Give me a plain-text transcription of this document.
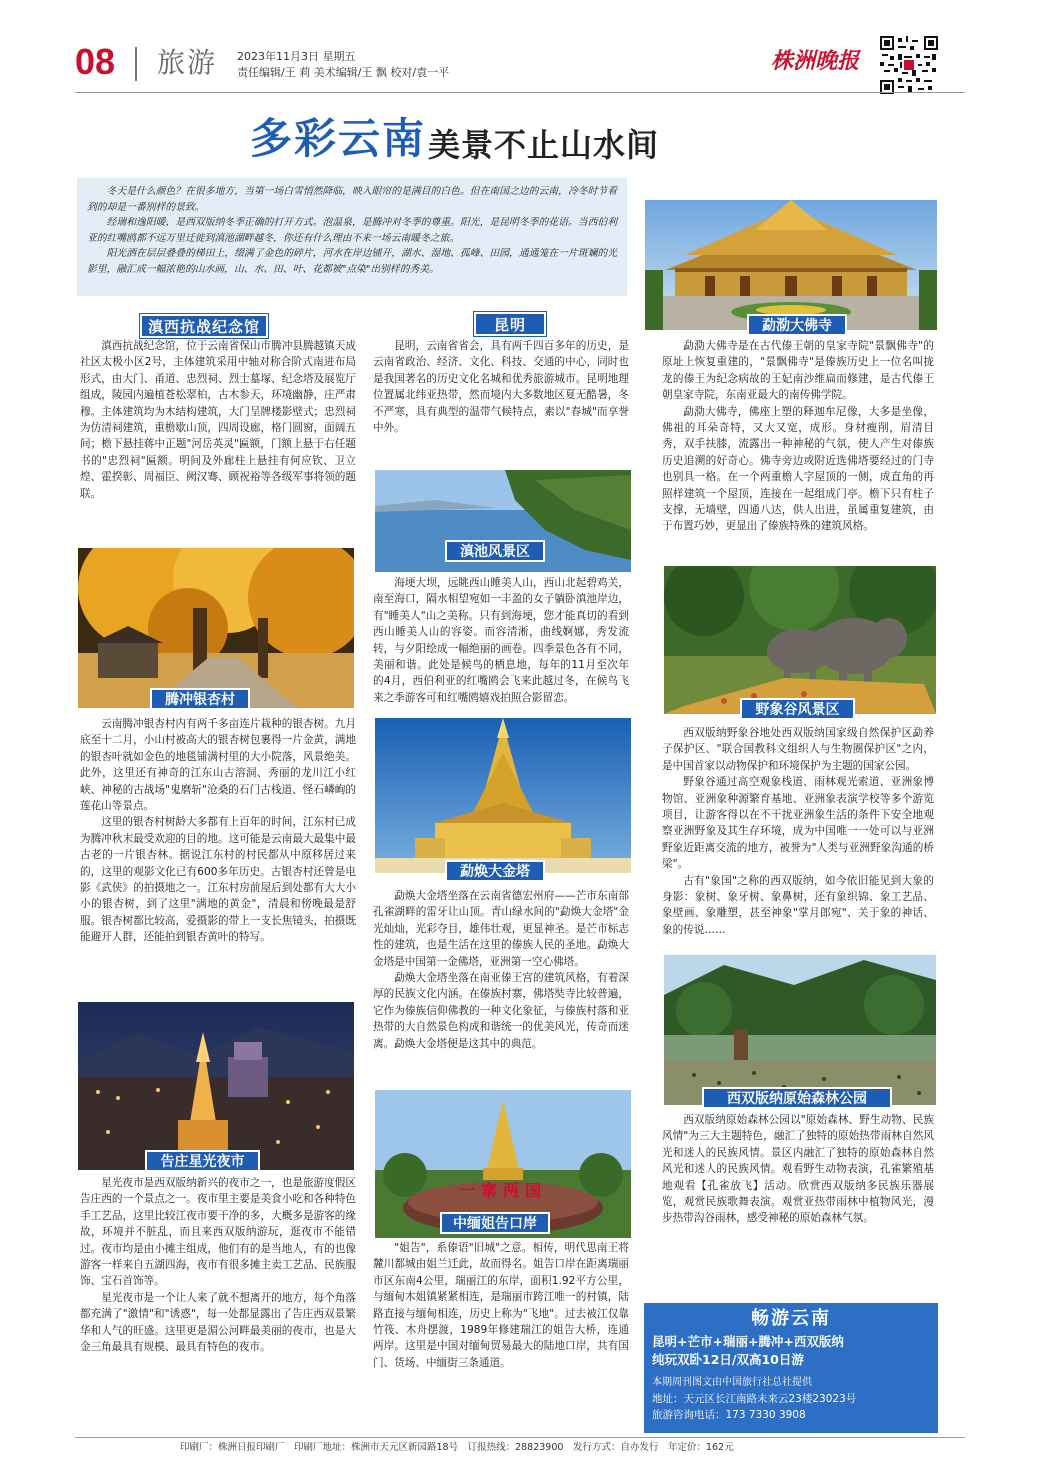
08 旅游 2023年11月3日 星期五
责任编辑/王 莉 美术编辑/王 飘 校对/袁一平	株洲晚报
多彩云南美景不止山水间

冬天是什么颜色？在很多地方，当第一场白雪悄然降临，映入眼帘的是满目的白色。但在南国之边的云南，冷冬时节看到的却是一番别样的景致。

经瑞和逸阳暖，是西双版纳冬季正确的打开方式。泡温泉，是腾冲对冬季的尊重。阳光，是昆明冬季的花语。当西伯利亚的红嘴鸥都不远万里迁徙到滇池湖畔越冬，你还有什么理由不来一场云南暖冬之旅。

阳光洒在层层叠叠的梯田上，缀满了金色的碎片，河水在岸边铺开，湖水、湿地、孤峰、田园，通通笼在一片斑斓的光影里，融汇成一幅浓艳的山水画，山、水、田、叶、花都被"点染"出别样的秀美。

勐泐大佛寺
滇西抗战纪念馆

滇西抗战纪念馆，位于云南省保山市腾冲县腾越镇天成社区太极小区2号，主体建筑采用中轴对称合阶式南进布局形式，由大门、甬道、忠烈祠、烈士墓塚、纪念塔及展览厅组成，陵园内遍植苍松翠柏，古木参天，环境幽静，庄严肃穆。主体建筑均为木结构建筑，大门呈牌楼影壁式；忠烈祠为仿清祠建筑，重檐歇山顶，四周设廊，格门圆窗，面阔五间；檐下悬挂蒋中正题"河岳英灵"匾额，门额上悬于右任题书的"忠烈祠"匾额。明间及外廊柱上悬挂有何应钦、卫立煌、霍揆彰、周福臣、阙汉骞、顾祝裕等各级军事将领的题联。

腾冲银杏村

云南腾冲银杏村内有两千多亩连片栽种的银杏树。九月底至十二月，小山村被高大的银杏树包裹得一片金黄，满地的银杏叶就如金色的地毯铺满村里的大小院落，风景绝美。此外，这里还有神奇的江东山古溶洞、秀丽的龙川江小红峡、神秘的古战场"鬼磨斩"沧桑的石门古栈道、怪石嶙峋的莲花山等景点。

这里的银杏村树龄大多都有上百年的时间，江东村已成为腾冲秋末最受欢迎的目的地。这可能是云南最大最集中最古老的一片银杏林。据说江东村的村民都从中原移居过来的，这里的观影文化已有600多年历史。古银杏村还曾是电影《武侠》的拍摄地之一。江东村房前屋后到处都有大大小小的银杏树，到了这里"满地的黄金"，清晨和傍晚最是舒服。银杏树都比较高，爱摄影的带上一支长焦镜头，拍摄既能避开人群，还能拍到银杏黄叶的特写。

告庄星光夜市

星光夜市是西双版纳新兴的夜市之一，也是旅游度假区告庄西的一个景点之一。夜市里主要是美食小吃和各种特色手工艺品，这里比较江夜市要干净的多，大概多是游客的缘故，环境并不脏乱，而且来西双版纳游玩，逛夜市不能错过。夜市均是由小摊主组成，他们有的是当地人，有的也像游客一样来自五湖四海，夜市有很多摊主卖工艺品、民族服饰、宝石首饰等。

星光夜市是一个让人来了就不想离开的地方，每个角落都充满了"激情"和"诱惑"，每一处都显露出了告庄西双景繁华和人气的旺盛。这里更是湄公河畔最美丽的夜市，也是大金三角最具有规模、最具有特色的夜市。

昆明

昆明，云南省省会，具有两千四百多年的历史，是云南省政治、经济、文化、科技、交通的中心，同时也是我国著名的历史文化名城和优秀旅游城市。昆明地理位置属北纬亚热带，然而境内大多数地区夏无酷暑，冬不严寒，具有典型的温带气候特点，素以"春城"而享誉中外。

滇池风景区

海埂大坝，远眺西山睡美人山，西山北起碧鸡关，南至海口，隔水相望宛如一丰盈的女子躺卧滇池岸边，有"睡美人"山之美称。只有到海埂，您才能真切的看到西山睡美人山的容姿。而容清淅，曲线婀娜，秀发流转，与夕阳绘成一幅绝丽的画卷。四季景色各有不同，美丽和谐。此处是候鸟的栖息地，每年的11月至次年的4月，西伯利亚的红嘴鸥会飞来此越过冬，在候鸟飞来之季游客可和红嘴鸥嬉戏拍照合影留恋。

勐焕大金塔

勐焕大金塔坐落在云南省德宏州府——芒市东南部孔雀湖畔的雷牙让山顶。青山绿水间的"勐焕大金塔"金光灿灿，光彩夺目，雄伟壮观，更显神圣。是芒市标志性的建筑，也是生活在这里的傣族人民的圣地。勐焕大金塔是中国第一金佛塔，亚洲第一空心佛塔。

勐焕大金塔坐落在南亚傣王宫的建筑风格，有着深厚的民族文化内涵。在傣族村寨，佛塔奘寺比较普遍，它作为傣族信仰佛教的一种文化象征，与傣族村落和亚热带的大自然景色构成和谐统一的优美风光，传奇而迷离。勐焕大金塔便是这其中的典范。

一寨两国
中缅姐告口岸

"姐告"，系傣语"旧城"之意。相传，明代思南王将麓川都城由姐兰迁此，故而得名。姐告口岸在距离瑞丽市区东南4公里，瑞丽江的东岸，面积1.92平方公里，与缅甸木姐镇紧紧相连，是瑞丽市跨江唯一的村镇，陆路直接与缅甸相连，历史上称为"飞地"。过去被江仅靠竹筏、木舟摆渡，1989年修建瑞江的姐告大桥，连通两岸。这里是中国对缅甸贸易最大的陆地口岸，共有国门、货场、中缅街三条通道。

勐泐大佛寺是在古代傣王朝的皇家寺院"景飘佛寺"的原址上恢复重建的，"景飘佛寺"是傣族历史上一位名叫拢龙的傣王为纪念病故的王妃南沙维扁而修建，是古代傣王朝皇家寺院，东南亚最大的南传佛学院。

勐泐大佛寺，佛座上塑的释迦牟尼像，大多是坐像，佛祖的耳朵奇特，又大又宽，成形。身材瘦削，眉清目秀，双手扶膝，流露出一种神秘的气氛，使人产生对傣族历史追溯的好奇心。佛寺旁边或附近选佛塔要经过的门寺也别具一格。在一个两重檐人字屋顶的一侧，成直角的再照样建筑一个屋顶，连接在一起组成门亭。檐下只有柱子支撑，无墙壁，四通八达，供人出进，虽属重复建筑，由于布置巧妙，更显出了傣族特殊的建筑风格。

野象谷风景区

西双版纳野象谷地处西双版纳国家级自然保护区勐养子保护区、"联合国教科文组织人与生物圈保护区"之内，是中国首家以动物保护和环境保护为主题的国家公园。

野象谷通过高空观象栈道、雨林观光索道、亚洲象博物馆、亚洲象种源繁育基地、亚洲象表演学校等多个游览项目，让游客得以在不干扰亚洲象生活的条件下安全地观察亚洲野象及其生存环境，成为中国唯一一处可以与亚洲野象近距离交流的地方，被誉为"人类与亚洲野象沟通的桥梁"。

古有"象国"之称的西双版纳，如今依旧能见到大象的身影：象树、象牙树、象鼻树，还有象织锦、象工艺品、象壁画、象雕塑，甚至神象"掌月郎宛"、关于象的神话、象的传说……

西双版纳原始森林公园

西双版纳原始森林公园以"原始森林、野生动物、民族风情"为三大主题特色，融汇了独特的原始热带雨林自然风光和迷人的民族风情。景区内融汇了独特的原始森林自然风光和迷人的民族风情。观看野生动物表演，孔雀繁殖基地观看【孔雀放飞】活动。欣赏西双版纳多民族乐器展览，观赏民族歌舞表演。观赏亚热带雨林中植物风光，漫步热带沟谷雨林，感受神秘的原始森林气氛。

畅游云南
昆明+芒市+瑞丽+腾冲+西双版纳
纯玩双卧12日/双高10日游
本期周刊图文由中国旅行社总社提供
地址：天元区长江南路未来云23楼23023号
旅游咨询电话：173 7330 3908
印刷厂：株洲日报印刷厂　印刷厂地址：株洲市天元区新园路18号　订报热线：28823900　发行方式：自办发行　年定价：162元
